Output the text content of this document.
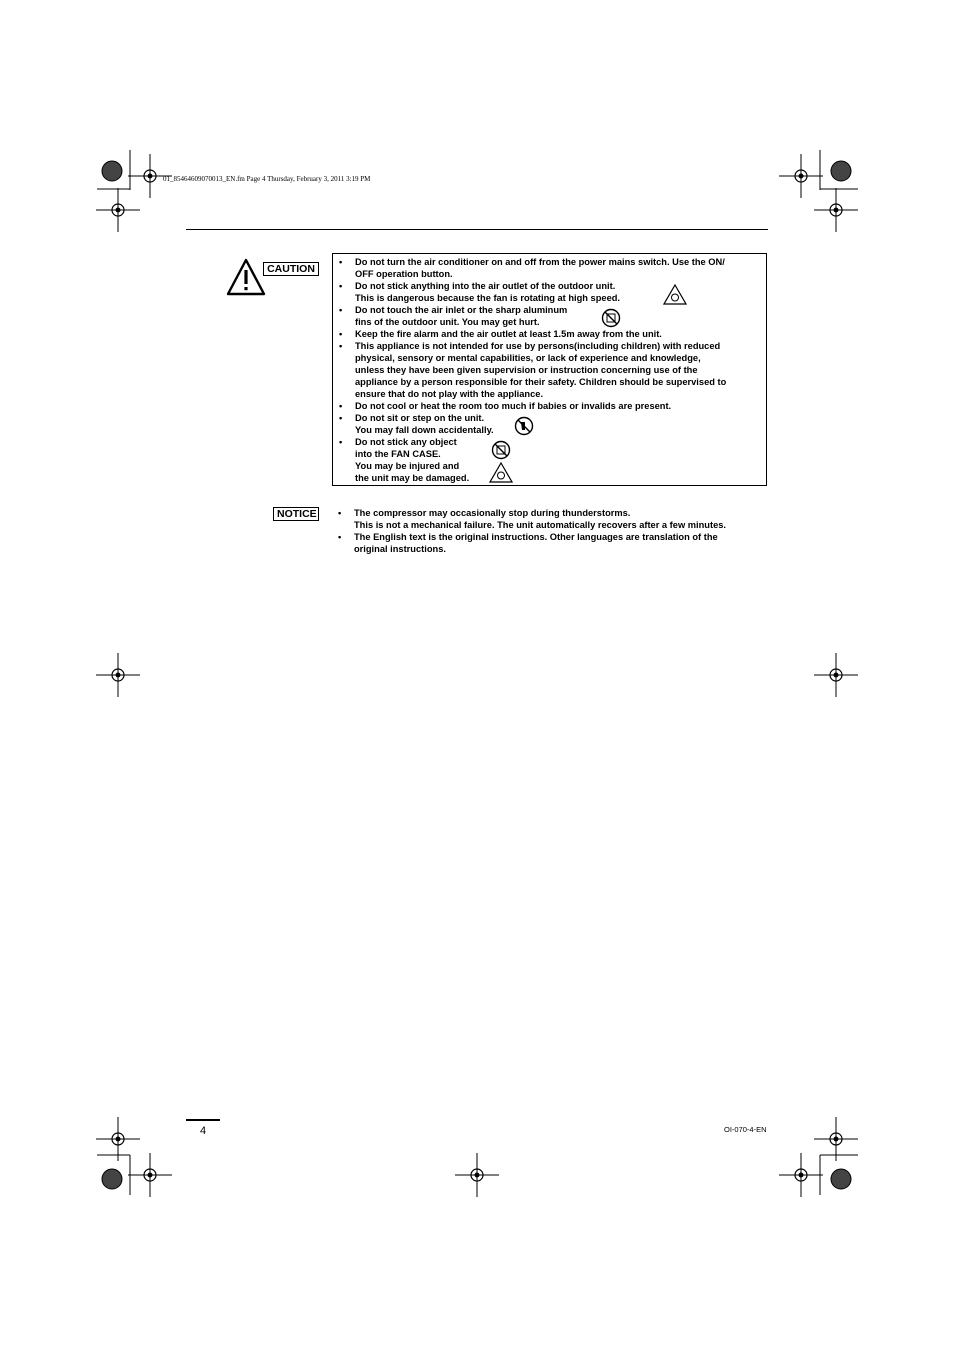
01_85464609070013_EN.fm Page 4 Thursday, February 3, 2011 3:19 PM
CAUTION
• Do not turn the air conditioner on and off from the power mains switch. Use the ON/
OFF operation button.
• Do not stick anything into the air outlet of the outdoor unit.
This is dangerous because the fan is rotating at high speed.
• Do not touch the air inlet or the sharp aluminum
fins of the outdoor unit. You may get hurt.
• Keep the fire alarm and the air outlet at least 1.5m away from the unit.
• This appliance is not intended for use by persons(including children) with reduced
physical, sensory or mental capabilities, or lack of experience and knowledge,
unless they have been given supervision or instruction concerning use of the
appliance by a person responsible for their safety. Children should be supervised to
ensure that do not play with the appliance.
• Do not cool or heat the room too much if babies or invalids are present.
• Do not sit or step on the unit.
You may fall down accidentally.
• Do not stick any object
into the FAN CASE.
You may be injured and
the unit may be damaged.
NOTICE
•	The compressor may occasionally stop during thunderstorms.
This is not a mechanical failure. The unit automatically recovers after a few minutes.
• The English text is the original instructions. Other languages are translation of the
original instructions.
4	OI-070-4-EN
